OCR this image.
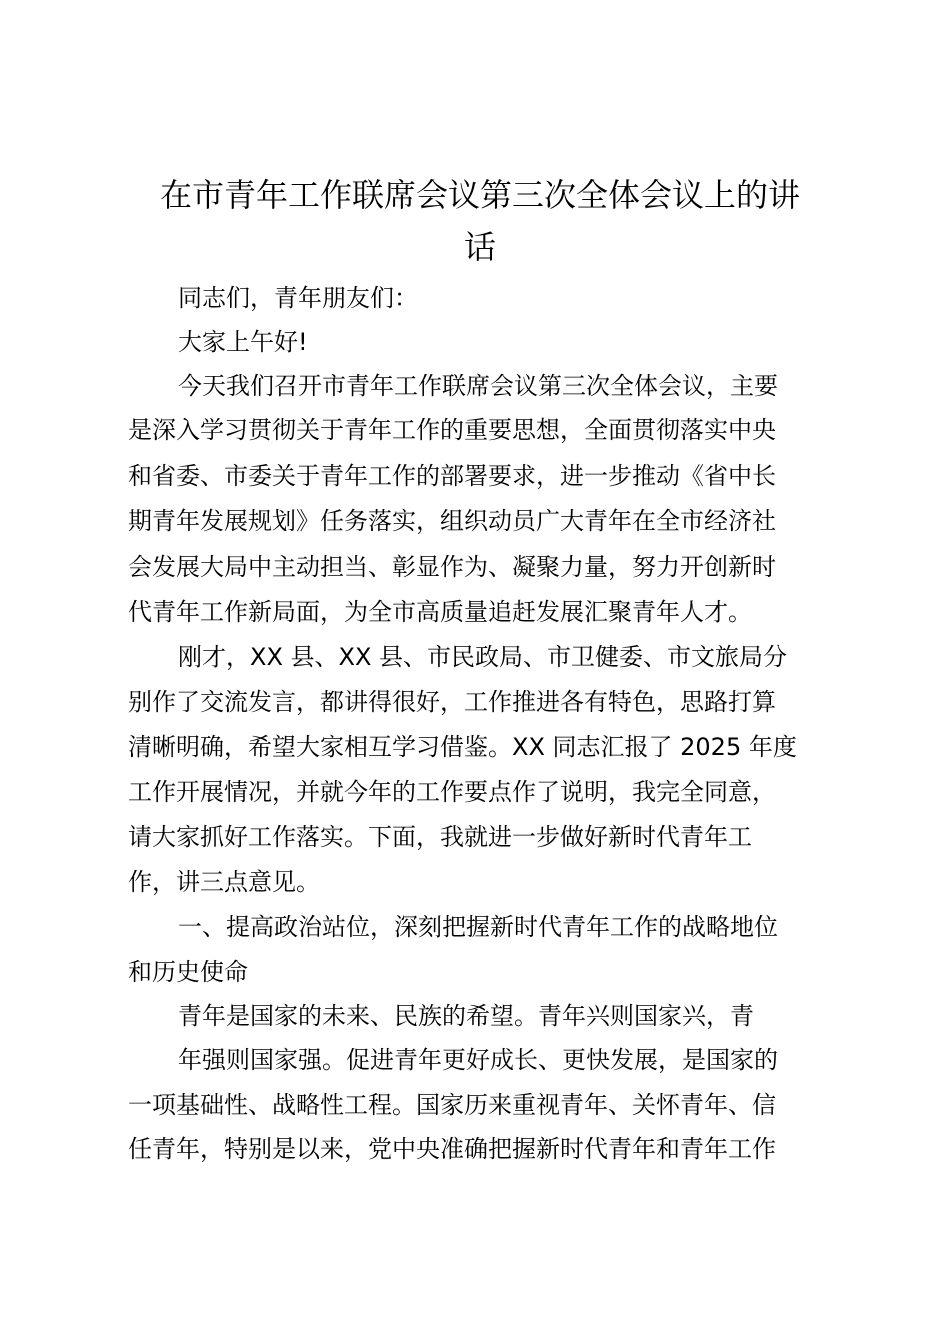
在市青年工作联席会议第三次全体会议上的讲
话
同志们，青年朋友们：
大家上午好!
今天我们召开市青年工作联席会议第三次全体会议，主要
是深入学习贯彻关于青年工作的重要思想，全面贯彻落实中央
和省委、市委关于青年工作的部署要求，进一步推动《省中长
期青年发展规划》任务落实，组织动员广大青年在全市经济社
会发展大局中主动担当、彰显作为、凝聚力量，努力开创新时
代青年工作新局面，为全市高质量追赶发展汇聚青年人才。
刚才，XX 县、XX 县、市民政局、市卫健委、市文旅局分
别作了交流发言，都讲得很好，工作推进各有特色，思路打算
清晰明确，希望大家相互学习借鉴。XX 同志汇报了 2025 年度
工作开展情况，并就今年的工作要点作了说明，我完全同意，
请大家抓好工作落实。下面，我就进一步做好新时代青年工
作，讲三点意见。
一、提高政治站位，深刻把握新时代青年工作的战略地位
和历史使命
青年是国家的未来、民族的希望。青年兴则国家兴，青
年强则国家强。促进青年更好成长、更快发展，是国家的
一项基础性、战略性工程。国家历来重视青年、关怀青年、信
任青年，特别是以来，党中央准确把握新时代青年和青年工作
